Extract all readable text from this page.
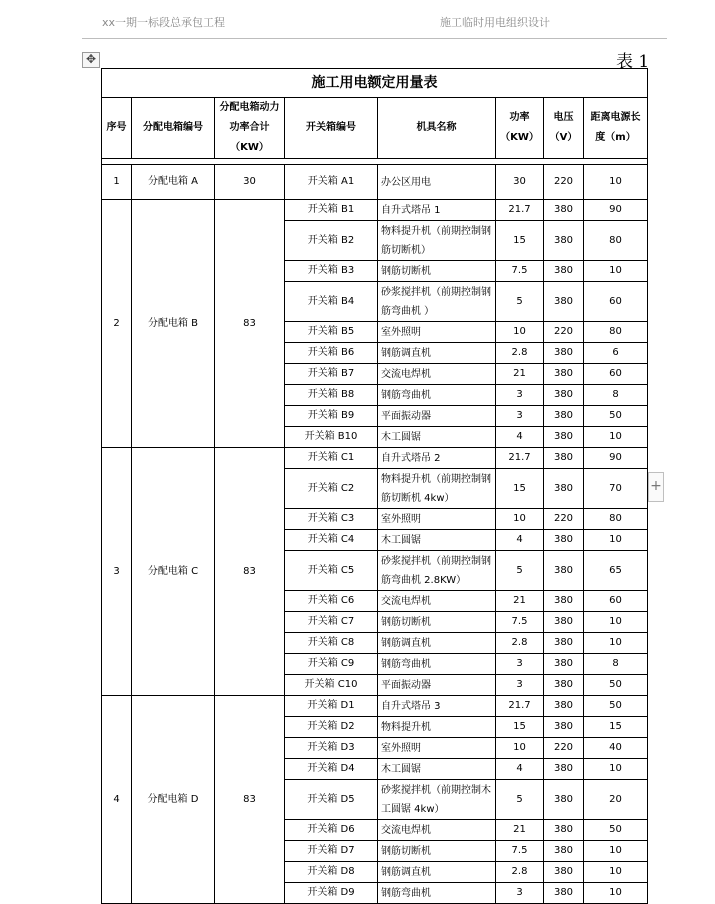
xx一期一标段总承包工程	施工临时用电组织设计
✥	表 1
+
施工用电额定用量表							
序号	分配电箱编号	分配电箱动力功率合计（KW）	开关箱编号	机具名称	功率（KW）	电压（V）	距离电源长度（m）

1	分配电箱 A	30	开关箱 A1	办公区用电	30	220	10
2	分配电箱 B	83	开关箱 B1	自升式塔吊 1	21.7	380	90
			开关箱 B2	物料提升机（前期控制钢筋切断机）	15	380	80
			开关箱 B3	钢筋切断机	7.5	380	10
			开关箱 B4	砂浆搅拌机（前期控制钢筋弯曲机 ）	5	380	60
			开关箱 B5	室外照明	10	220	80
			开关箱 B6	钢筋调直机	2.8	380	6
			开关箱 B7	交流电焊机	21	380	60
			开关箱 B8	钢筋弯曲机	3	380	8
			开关箱 B9	平面振动器	3	380	50
			开关箱 B10	木工圆锯	4	380	10
3	分配电箱 C	83	开关箱 C1	自升式塔吊 2	21.7	380	90
			开关箱 C2	物料提升机（前期控制钢筋切断机 4kw）	15	380	70
			开关箱 C3	室外照明	10	220	80
			开关箱 C4	木工圆锯	4	380	10
			开关箱 C5	砂浆搅拌机（前期控制钢筋弯曲机 2.8KW）	5	380	65
			开关箱 C6	交流电焊机	21	380	60
			开关箱 C7	钢筋切断机	7.5	380	10
			开关箱 C8	钢筋调直机	2.8	380	10
			开关箱 C9	钢筋弯曲机	3	380	8
			开关箱 C10	平面振动器	3	380	50
4	分配电箱 D	83	开关箱 D1	自升式塔吊 3	21.7	380	50
			开关箱 D2	物料提升机	15	380	15
			开关箱 D3	室外照明	10	220	40
			开关箱 D4	木工圆锯	4	380	10
			开关箱 D5	砂浆搅拌机（前期控制木工圆锯 4kw）	5	380	20
			开关箱 D6	交流电焊机	21	380	50
			开关箱 D7	钢筋切断机	7.5	380	10
			开关箱 D8	钢筋调直机	2.8	380	10
			开关箱 D9	钢筋弯曲机	3	380	10
